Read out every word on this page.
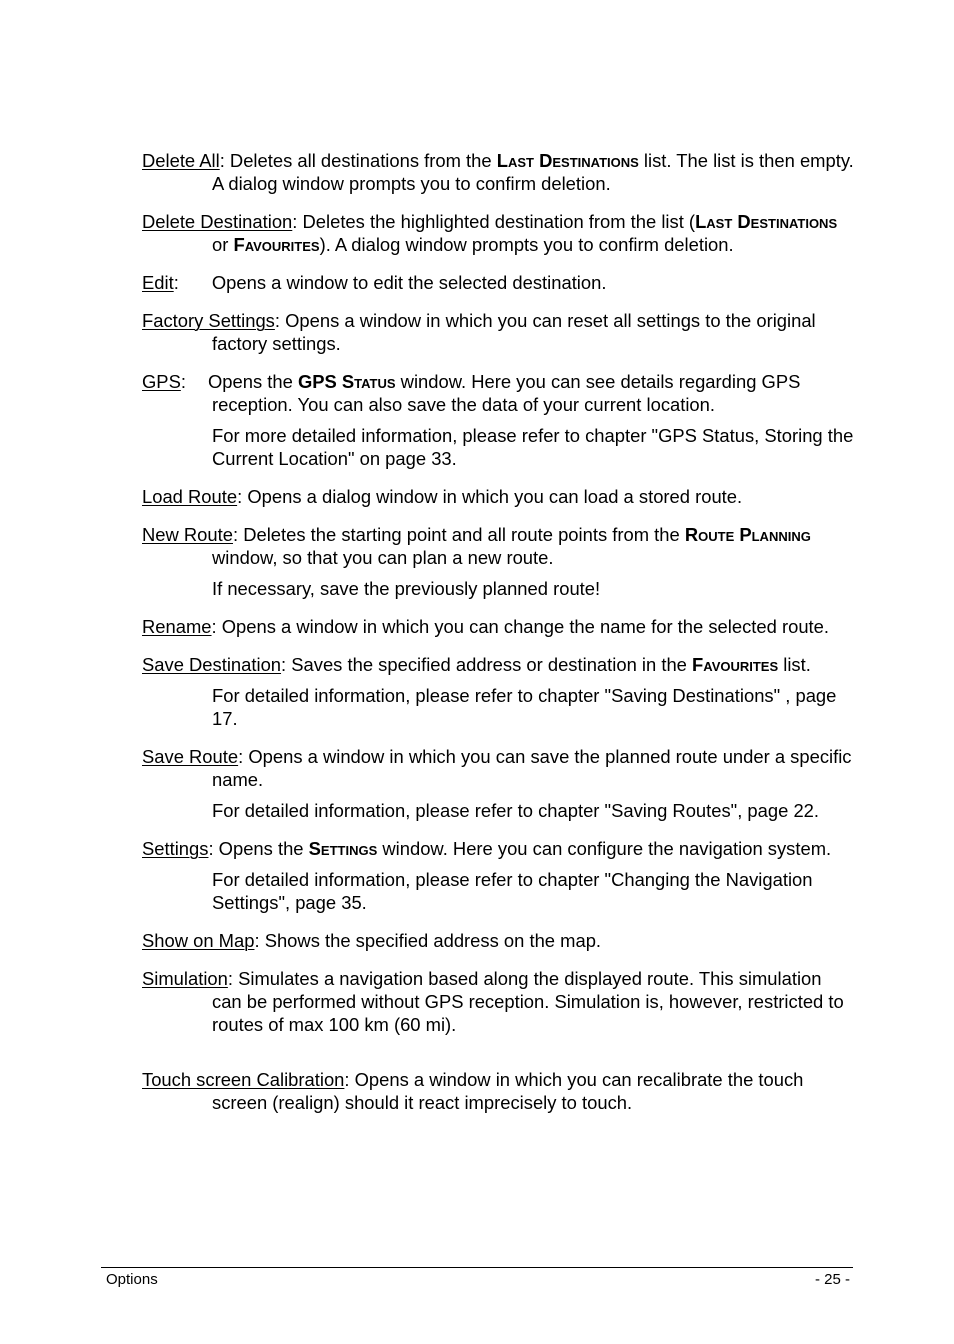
Delete All: Deletes all destinations from the Last Destinations list. The list is then empty. A dialog window prompts you to confirm deletion.

Delete Destination: Deletes the highlighted destination from the list (Last Destinations or Favourites). A dialog window prompts you to confirm deletion.

Edit: Opens a window to edit the selected destination.

Factory Settings: Opens a window in which you can reset all settings to the original factory settings.

GPS: Opens the GPS Status window. Here you can see details regarding GPS reception. You can also save the data of your current location.

For more detailed information, please refer to chapter "GPS Status, Storing the Current Location" on page 33.

Load Route: Opens a dialog window in which you can load a stored route.

New Route: Deletes the starting point and all route points from the Route Planning window, so that you can plan a new route.

If necessary, save the previously planned route!

Rename: Opens a window in which you can change the name for the selected route.

Save Destination: Saves the specified address or destination in the Favourites list.

For detailed information, please refer to chapter "Saving Destinations" , page 17.

Save Route: Opens a window in which you can save the planned route under a specific name.

For detailed information, please refer to chapter "Saving Routes", page 22.

Settings: Opens the Settings window. Here you can configure the navigation system.

For detailed information, please refer to chapter "Changing the Navigation Settings", page 35.

Show on Map: Shows the specified address on the map.

Simulation: Simulates a navigation based along the displayed route. This simulation can be performed without GPS reception. Simulation is, however, restricted to routes of max 100 km (60 mi).

Touch screen Calibration: Opens a window in which you can recalibrate the touch screen (realign) should it react imprecisely to touch.

Options	- 25 -
